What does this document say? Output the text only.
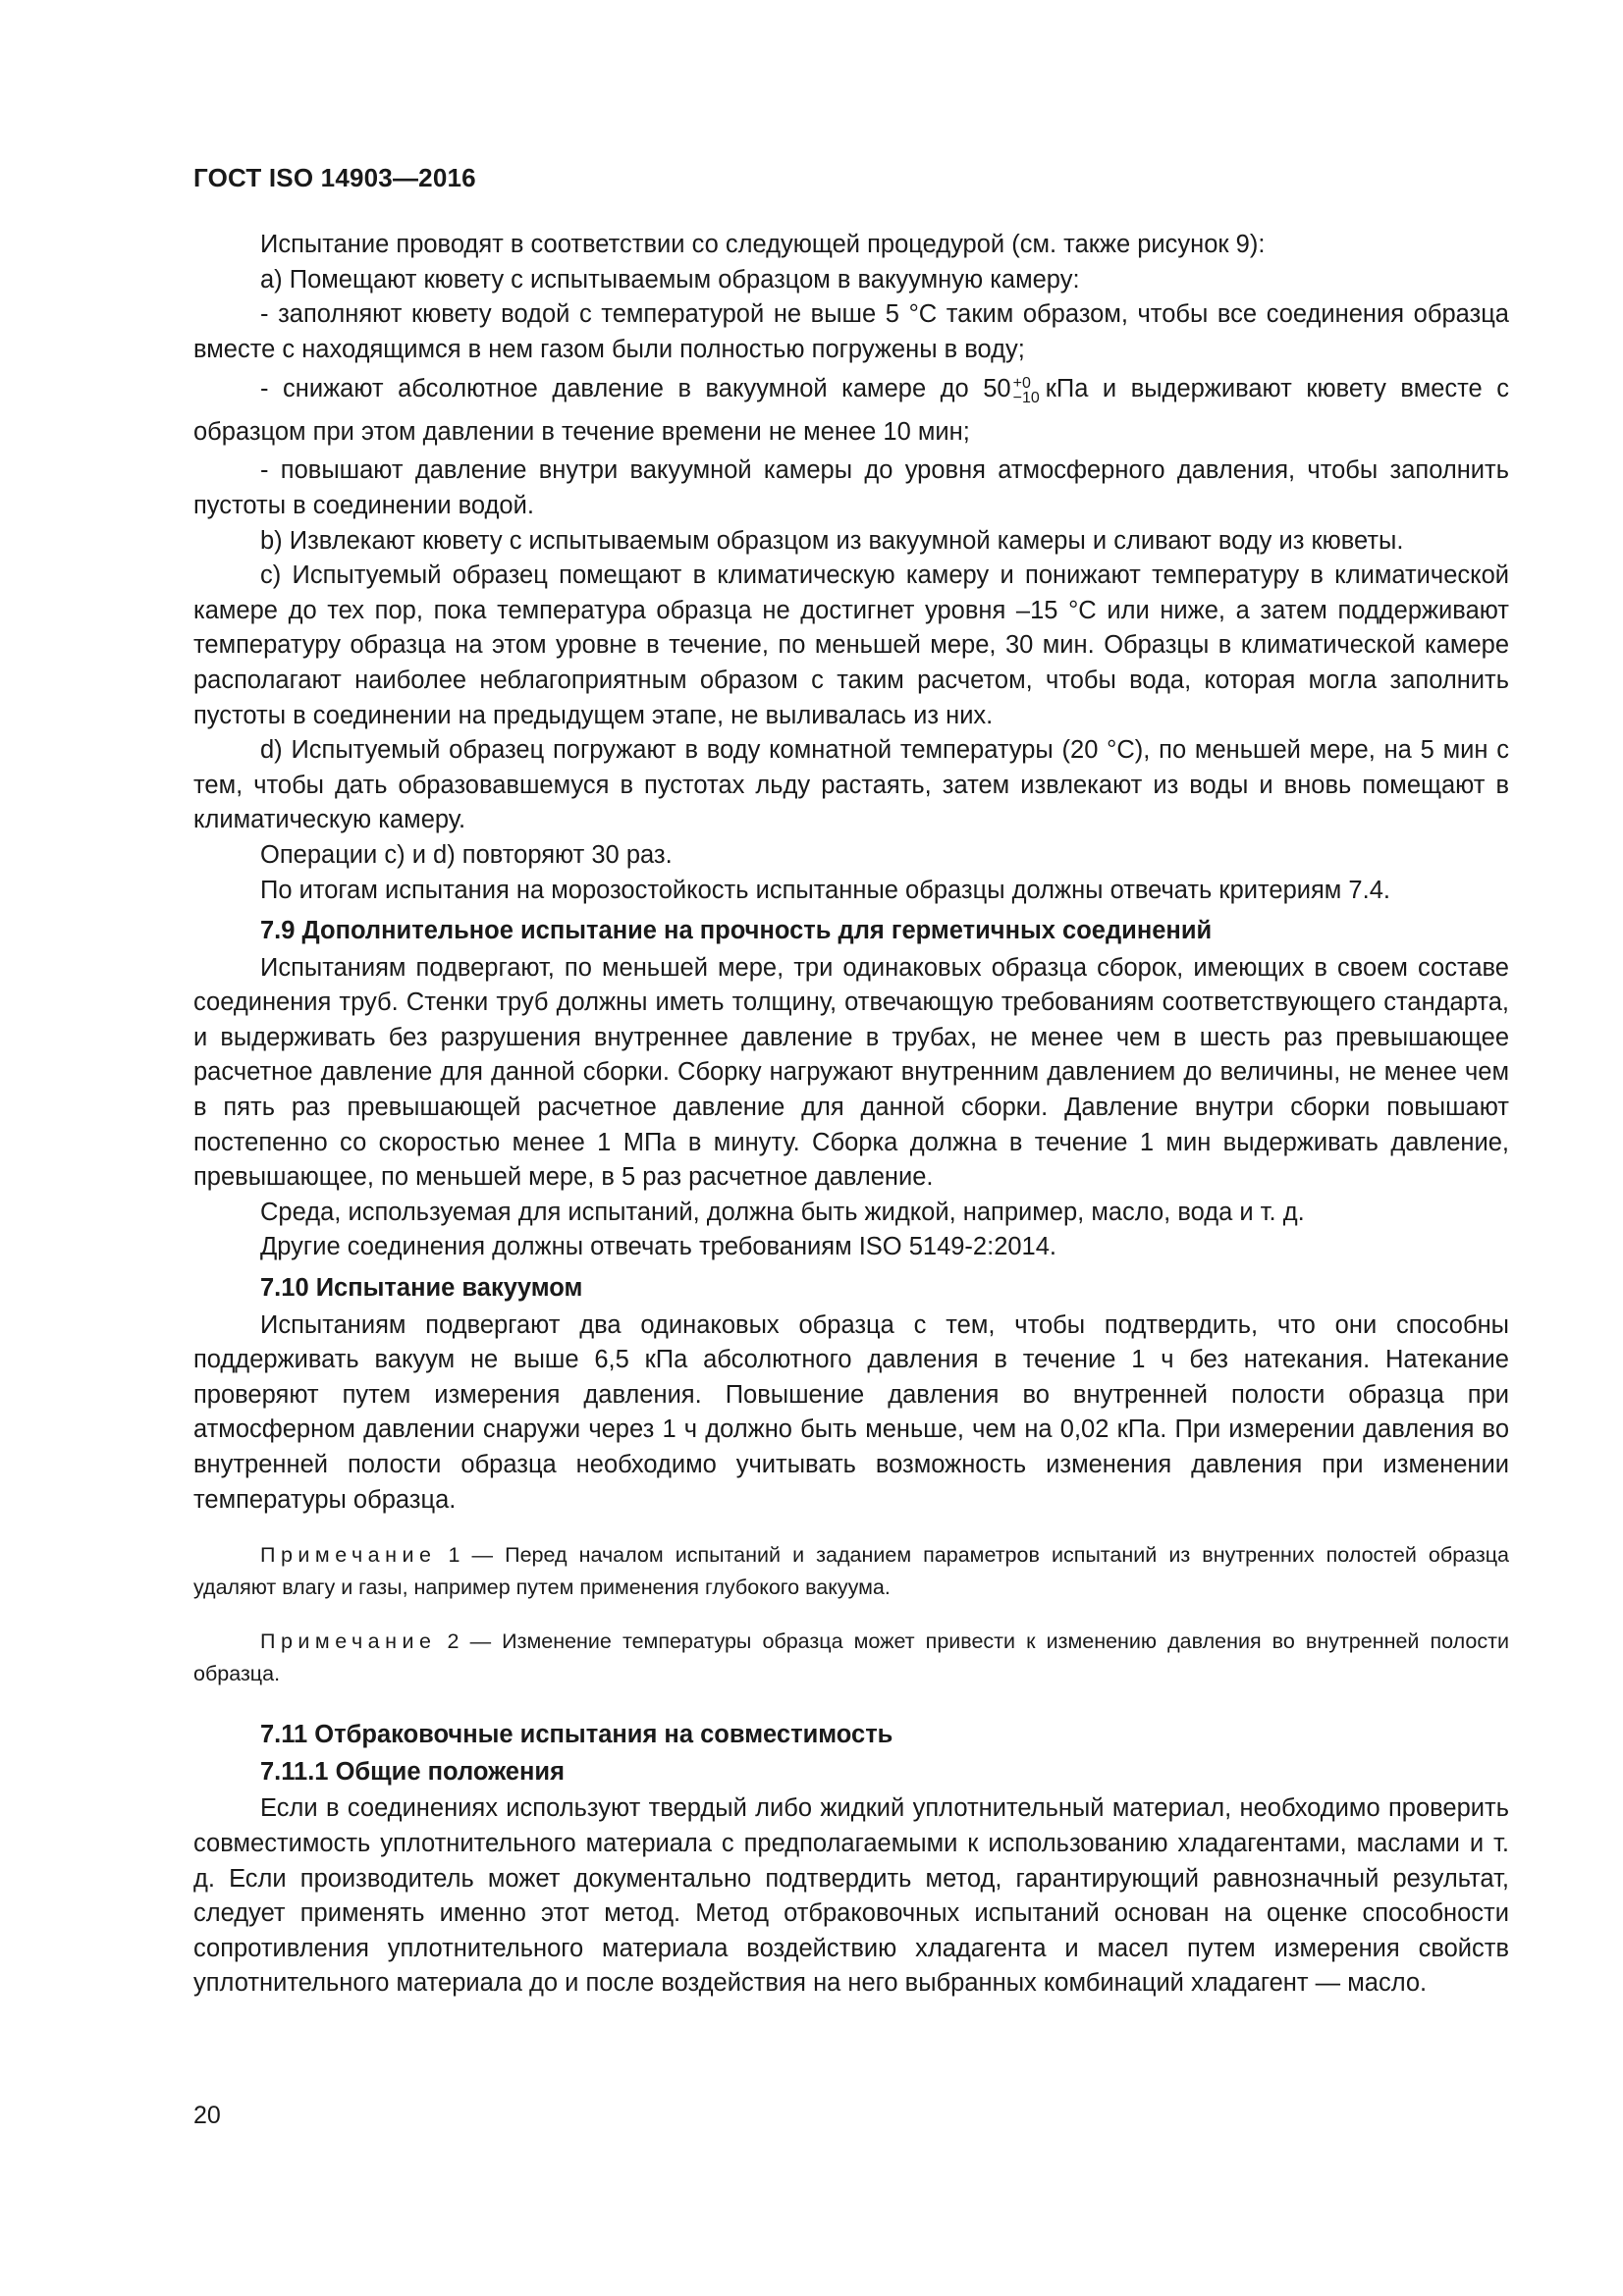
ГОСТ ISO 14903—2016

Испытание проводят в соответствии со следующей процедурой (см. также рисунок 9):

a) Помещают кювету с испытываемым образцом в вакуумную камеру:

- заполняют кювету водой с температурой не выше 5 °С таким образом, чтобы все соединения образца вместе с находящимся в нем газом были полностью погружены в воду;

- снижают абсолютное давление в вакуумной камере до 50 +0
−10 кПа и выдерживают кювету вместе с образцом при этом давлении в течение времени не менее 10 мин;

- повышают давление внутри вакуумной камеры до уровня атмосферного давления, чтобы заполнить пустоты в соединении водой.

b) Извлекают кювету с испытываемым образцом из вакуумной камеры и сливают воду из кюветы.

c) Испытуемый образец помещают в климатическую камеру и понижают температуру в климатической камере до тех пор, пока температура образца не достигнет уровня –15 °С или ниже, а затем поддерживают температуру образца на этом уровне в течение, по меньшей мере, 30 мин. Образцы в климатической камере располагают наиболее неблагоприятным образом с таким расчетом, чтобы вода, которая могла заполнить пустоты в соединении на предыдущем этапе, не выливалась из них.

d) Испытуемый образец погружают в воду комнатной температуры (20 °С), по меньшей мере, на 5 мин с тем, чтобы дать образовавшемуся в пустотах льду растаять, затем извлекают из воды и вновь помещают в климатическую камеру.

Операции c) и d) повторяют 30 раз.

По итогам испытания на морозостойкость испытанные образцы должны отвечать критериям 7.4.

7.9 Дополнительное испытание на прочность для герметичных соединений

Испытаниям подвергают, по меньшей мере, три одинаковых образца сборок, имеющих в своем составе соединения труб. Стенки труб должны иметь толщину, отвечающую требованиям соответствующего стандарта, и выдерживать без разрушения внутреннее давление в трубах, не менее чем в шесть раз превышающее расчетное давление для данной сборки. Сборку нагружают внутренним давлением до величины, не менее чем в пять раз превышающей расчетное давление для данной сборки. Давление внутри сборки повышают постепенно со скоростью менее 1 МПа в минуту. Сборка должна в течение 1 мин выдерживать давление, превышающее, по меньшей мере, в 5 раз расчетное давление.

Среда, используемая для испытаний, должна быть жидкой, например, масло, вода и т. д.

Другие соединения должны отвечать требованиям ISO 5149-2:2014.

7.10 Испытание вакуумом

Испытаниям подвергают два одинаковых образца с тем, чтобы подтвердить, что они способны поддерживать вакуум не выше 6,5 кПа абсолютного давления в течение 1 ч без натекания. Натекание проверяют путем измерения давления. Повышение давления во внутренней полости образца при атмосферном давлении снаружи через 1 ч должно быть меньше, чем на 0,02 кПа. При измерении давления во внутренней полости образца необходимо учитывать возможность изменения давления при изменении температуры образца.

Примечание 1 — Перед началом испытаний и заданием параметров испытаний из внутренних полостей образца удаляют влагу и газы, например путем применения глубокого вакуума.

Примечание 2 — Изменение температуры образца может привести к изменению давления во внутренней полости образца.

7.11 Отбраковочные испытания на совместимость
7.11.1 Общие положения

Если в соединениях используют твердый либо жидкий уплотнительный материал, необходимо проверить совместимость уплотнительного материала с предполагаемыми к использованию хладагентами, маслами и т. д. Если производитель может документально подтвердить метод, гарантирующий равнозначный результат, следует применять именно этот метод. Метод отбраковочных испытаний основан на оценке способности сопротивления уплотнительного материала воздействию хладагента и масел путем измерения свойств уплотнительного материала до и после воздействия на него выбранных комбинаций хладагент — масло.

20
